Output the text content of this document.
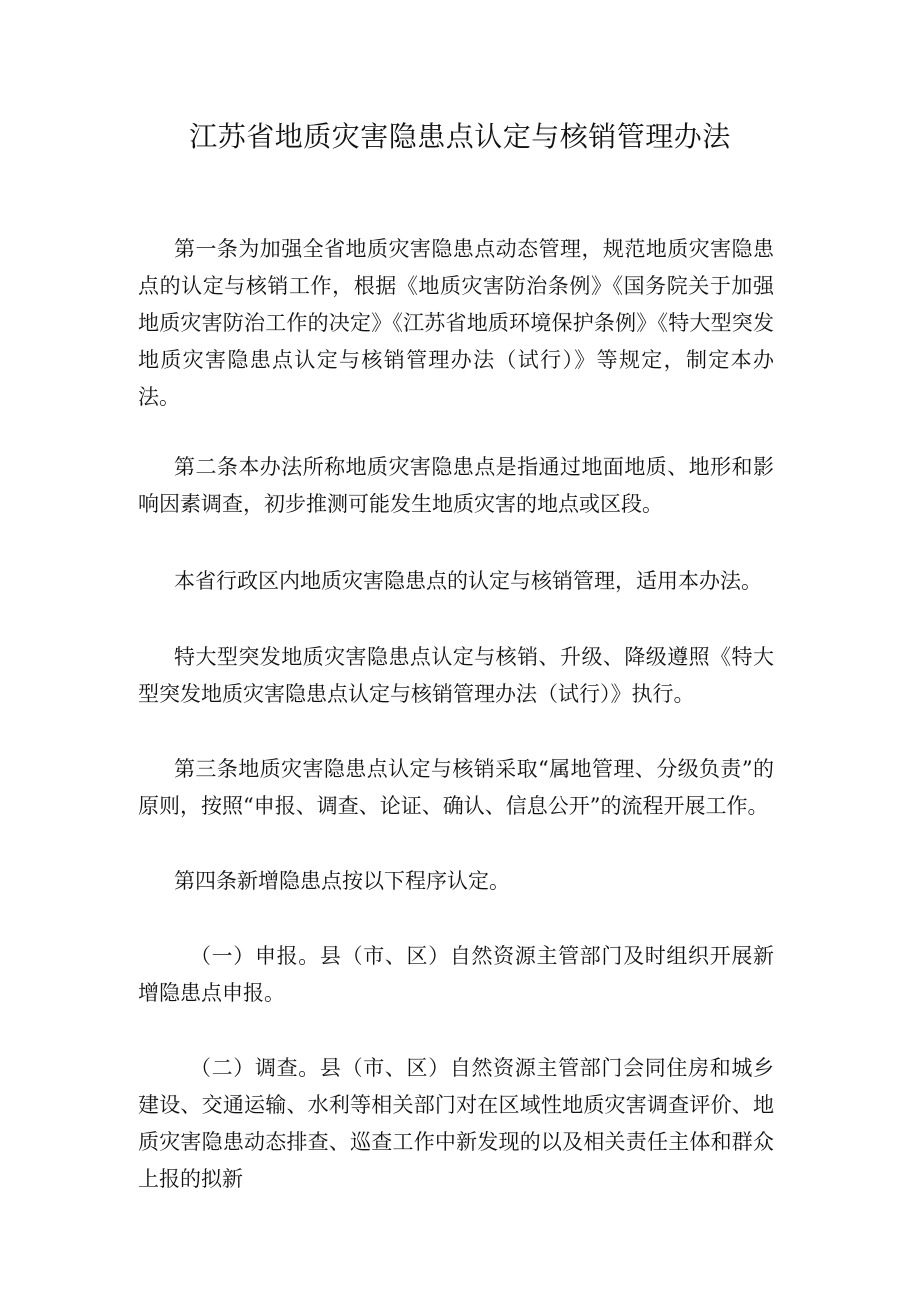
江苏省地质灾害隐患点认定与核销管理办法

第一条为加强全省地质灾害隐患点动态管理，规范地质灾害隐患点的认定与核销工作，根据《地质灾害防治条例》《国务院关于加强地质灾害防治工作的决定》《江苏省地质环境保护条例》《特大型突发地质灾害隐患点认定与核销管理办法（试行）》等规定，制定本办法。

第二条本办法所称地质灾害隐患点是指通过地面地质、地形和影响因素调查，初步推测可能发生地质灾害的地点或区段。

本省行政区内地质灾害隐患点的认定与核销管理，适用本办法。

特大型突发地质灾害隐患点认定与核销、升级、降级遵照《特大型突发地质灾害隐患点认定与核销管理办法（试行）》执行。

第三条地质灾害隐患点认定与核销采取“属地管理、分级负责”的原则，按照“申报、调查、论证、确认、信息公开”的流程开展工作。

第四条新增隐患点按以下程序认定。

（一）申报。县（市、区）自然资源主管部门及时组织开展新增隐患点申报。

（二）调查。县（市、区）自然资源主管部门会同住房和城乡建设、交通运输、水利等相关部门对在区域性地质灾害调查评价、地质灾害隐患动态排查、巡查工作中新发现的以及相关责任主体和群众上报的拟新
